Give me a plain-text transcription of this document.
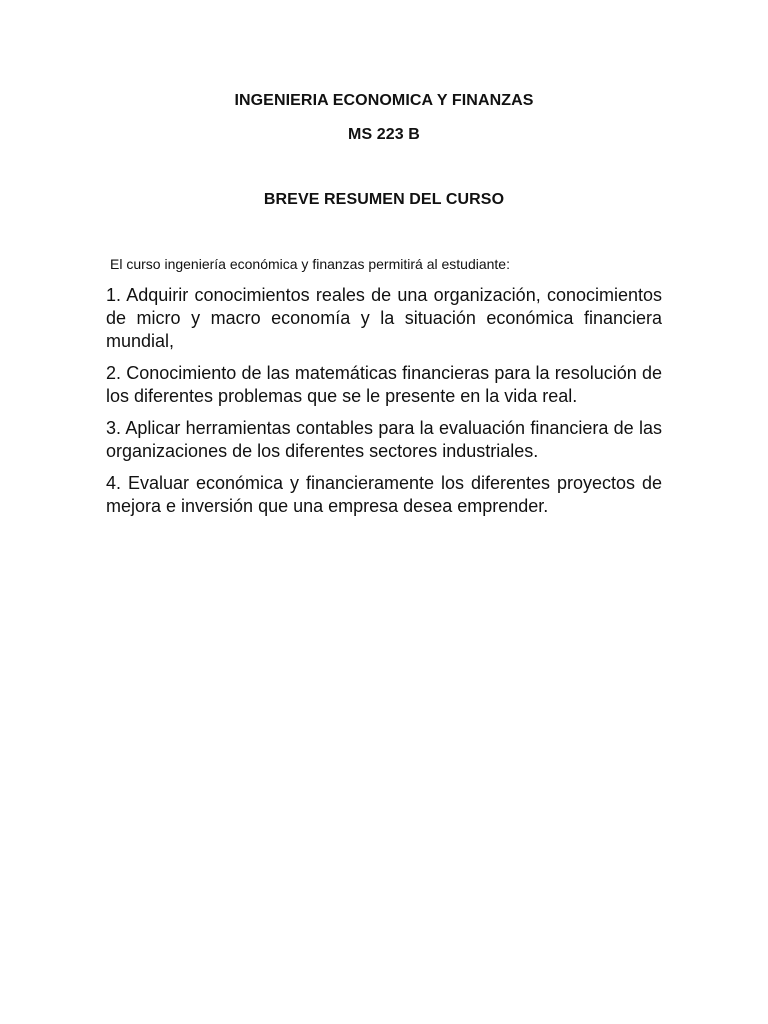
INGENIERIA ECONOMICA Y FINANZAS
MS 223 B
BREVE RESUMEN DEL CURSO

El curso ingeniería económica y finanzas permitirá al estudiante:

1. Adquirir conocimientos reales de una organización, conocimientos de micro y macro economía y la situación económica financiera mundial,
2. Conocimiento de las matemáticas financieras para la resolución de los diferentes problemas que se le presente en la vida real.
3. Aplicar herramientas contables para la evaluación financiera de las organizaciones de los diferentes sectores industriales.
4. Evaluar económica y financieramente los diferentes proyectos de mejora e inversión que una empresa desea emprender.
